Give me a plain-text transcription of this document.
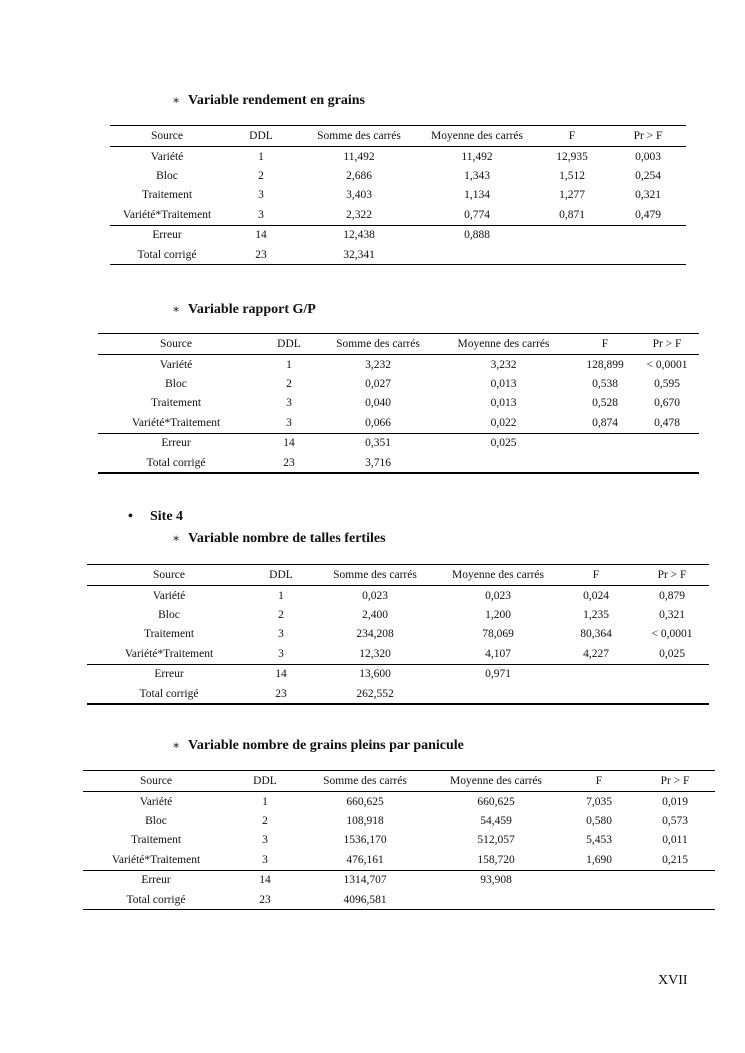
∗ Variable rendement en grains
Source	DDL	Somme des carrés	Moyenne des carrés	F	Pr > F
Variété	1	11,492	11,492	12,935	0,003
Bloc	2	2,686	1,343	1,512	0,254
Traitement	3	3,403	1,134	1,277	0,321
Variété*Traitement	3	2,322	0,774	0,871	0,479
Erreur	14	12,438	0,888		
Total corrigé	23	32,341			
∗ Variable rapport G/P
Source	DDL	Somme des carrés	Moyenne des carrés	F	Pr > F
Variété	1	3,232	3,232	128,899	< 0,0001
Bloc	2	0,027	0,013	0,538	0,595
Traitement	3	0,040	0,013	0,528	0,670
Variété*Traitement	3	0,066	0,022	0,874	0,478
Erreur	14	0,351	0,025		
Total corrigé	23	3,716			
• Site 4
∗ Variable nombre de talles fertiles
Source	DDL	Somme des carrés	Moyenne des carrés	F	Pr > F
Variété	1	0,023	0,023	0,024	0,879
Bloc	2	2,400	1,200	1,235	0,321
Traitement	3	234,208	78,069	80,364	< 0,0001
Variété*Traitement	3	12,320	4,107	4,227	0,025
Erreur	14	13,600	0,971		
Total corrigé	23	262,552			
∗ Variable nombre de grains pleins par panicule
Source	DDL	Somme des carrés	Moyenne des carrés	F	Pr > F
Variété	1	660,625	660,625	7,035	0,019
Bloc	2	108,918	54,459	0,580	0,573
Traitement	3	1536,170	512,057	5,453	0,011
Variété*Traitement	3	476,161	158,720	1,690	0,215
Erreur	14	1314,707	93,908		
Total corrigé	23	4096,581			
XVII
